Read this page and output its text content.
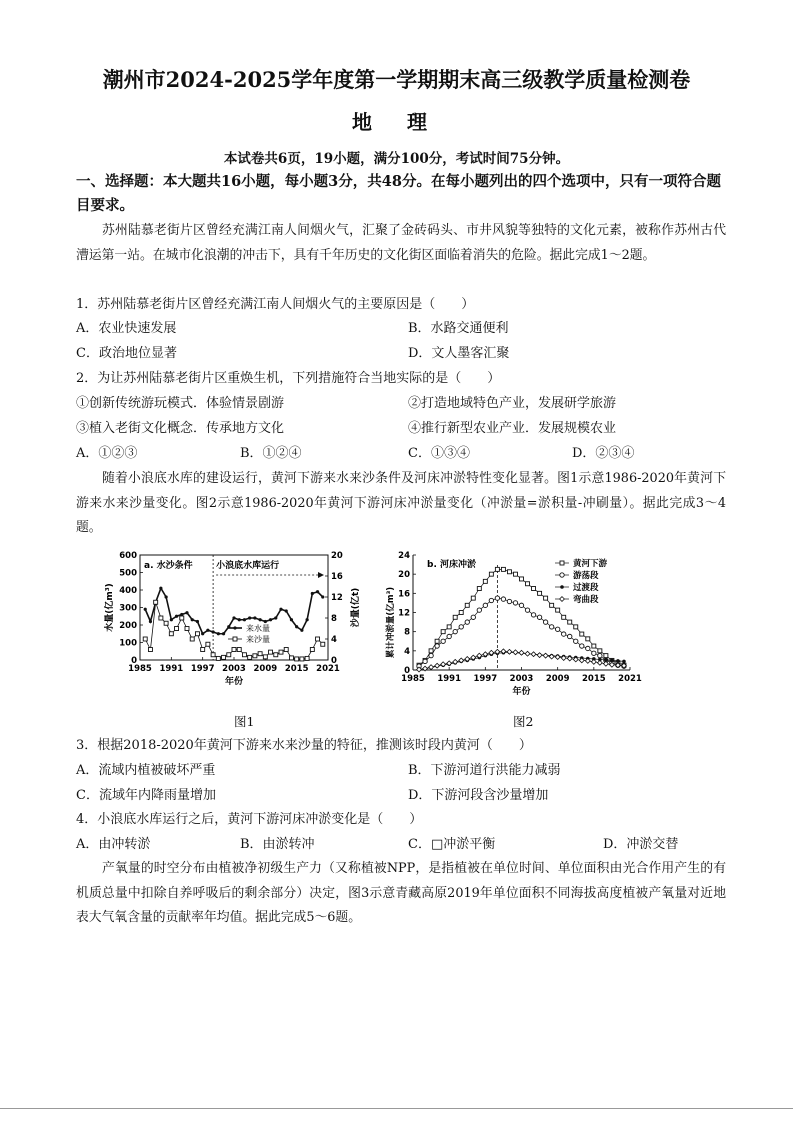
潮州市2024-2025学年度第一学期期末高三级教学质量检测卷
地 理
本试卷共6页，19小题，满分100分，考试时间75分钟。
一、选择题：本大题共16小题，每小题3分，共48分。在每小题列出的四个选项中，只有一项符合题目要求。
苏州陆慕老街片区曾经充满江南人间烟火气，汇聚了金砖码头、市井风貌等独特的文化元素，被称作苏州古代漕运第一站。在城市化浪潮的冲击下，具有千年历史的文化街区面临着消失的危险。据此完成1～2题。
1．苏州陆慕老街片区曾经充满江南人间烟火气的主要原因是（　　）
A．农业快速发展	B．水路交通便利
C．政治地位显著	D．文人墨客汇聚
2．为让苏州陆慕老街片区重焕生机，下列措施符合当地实际的是（　　）
①创新传统游玩模式．体验情景剧游	②打造地域特色产业，发展研学旅游
③植入老街文化概念．传承地方文化	④推行新型农业产业．发展规模农业
A．①②③	B．①②④	C．①③④	D．②③④
随着小浪底水库的建设运行，黄河下游来水来沙条件及河床冲淤特性变化显著。图1示意1986-2020年黄河下游来水来沙量变化。图2示意1986-2020年黄河下游河床冲淤量变化（冲淤量=淤积量-冲刷量）。据此完成3～4题。
0
100
200
300
400
500
600
0
4
8
12
16
20
1985 1991 1997 2003 2009 2015 2021
年份
水量(亿m³)	沙量(亿t)
a. 水沙条件	小浪底水库运行
来水量
来沙量
0
4
8
12
16
20
24
1985 1991 1997 2003 2009 2015 2021
年份
累计冲淤量(亿m³)
b. 河床冲淤	黄河下游
游荡段
过渡段
弯曲段
图1	图2
3．根据2018-2020年黄河下游来水来沙量的特征，推测该时段内黄河（　　）
A．流域内植被破坏严重	B．下游河道行洪能力减弱
C．流域年内降雨量增加	D．下游河段含沙量增加
4．小浪底水库运行之后，黄河下游河床冲淤变化是（　　）
A．由冲转淤	B．由淤转冲	C．□冲淤平衡	D．冲淤交替
产氧量的时空分布由植被净初级生产力（又称植被NPP，是指植被在单位时间、单位面积由光合作用产生的有机质总量中扣除自养呼吸后的剩余部分）决定，图3示意青藏高原2019年单位面积不同海拔高度植被产氧量对近地表大气氧含量的贡献率年均值。据此完成5～6题。
